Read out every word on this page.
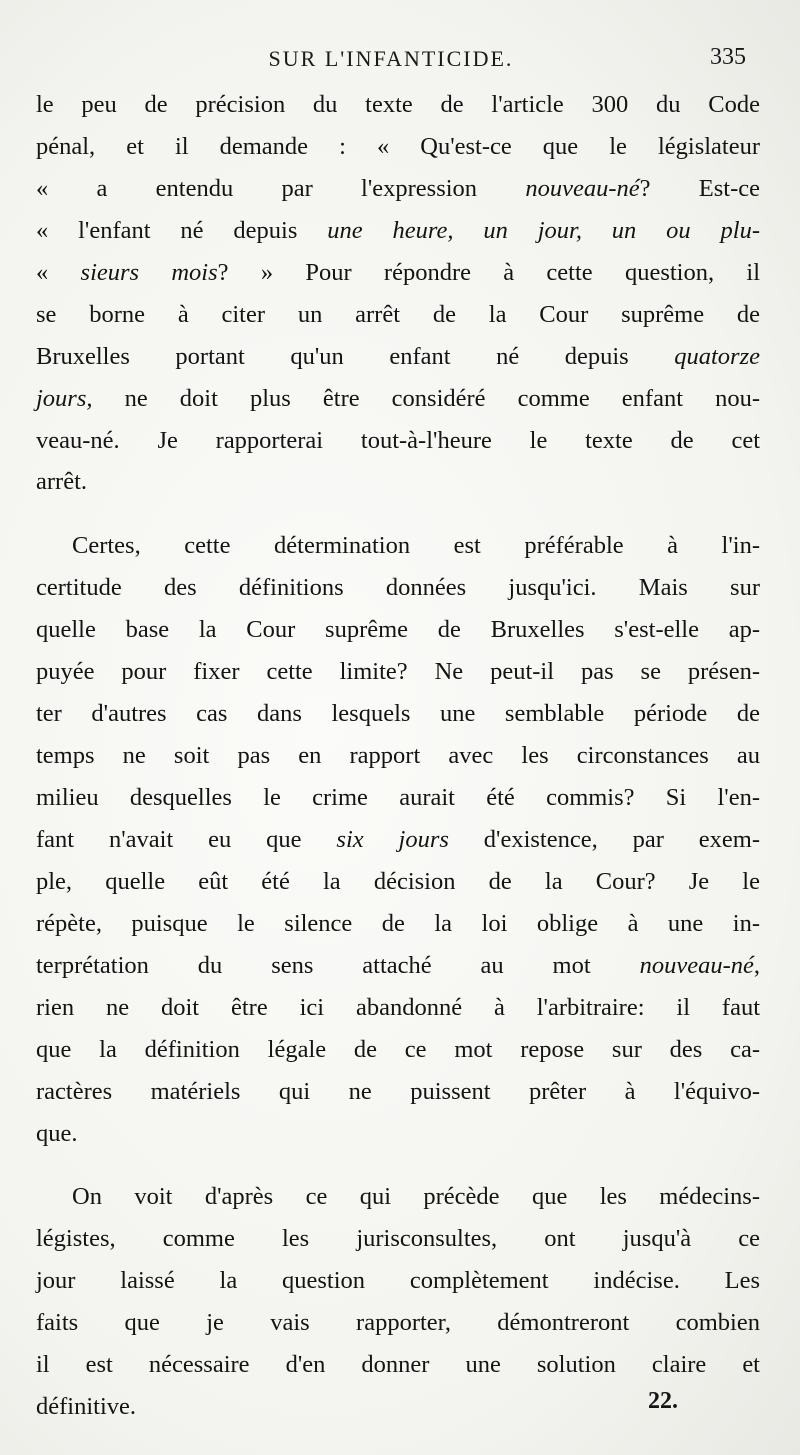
SUR L'INFANTICIDE.	335
le peu de précision du texte de l'article 300 du Code
pénal, et il demande : « Qu'est-ce que le législateur
« a entendu par l'expression nouveau-né? Est-ce
« l'enfant né depuis une heure, un jour, un ou plu-
« sieurs mois? » Pour répondre à cette question, il
se borne à citer un arrêt de la Cour suprême de
Bruxelles portant qu'un enfant né depuis quatorze
jours, ne doit plus être considéré comme enfant nou-
veau-né. Je rapporterai tout-à-l'heure le texte de cet
arrêt.
Certes, cette détermination est préférable à l'in-
certitude des définitions données jusqu'ici. Mais sur
quelle base la Cour suprême de Bruxelles s'est-elle ap-
puyée pour fixer cette limite? Ne peut-il pas se présen-
ter d'autres cas dans lesquels une semblable période de
temps ne soit pas en rapport avec les circonstances au
milieu desquelles le crime aurait été commis? Si l'en-
fant n'avait eu que six jours d'existence, par exem-
ple, quelle eût été la décision de la Cour? Je le
répète, puisque le silence de la loi oblige à une in-
terprétation du sens attaché au mot nouveau-né,
rien ne doit être ici abandonné à l'arbitraire: il faut
que la définition légale de ce mot repose sur des ca-
ractères matériels qui ne puissent prêter à l'équivo-
que.
On voit d'après ce qui précède que les médecins-
légistes, comme les jurisconsultes, ont jusqu'à ce
jour laissé la question complètement indécise. Les
faits que je vais rapporter, démontreront combien
il est nécessaire d'en donner une solution claire et
définitive.	22.
